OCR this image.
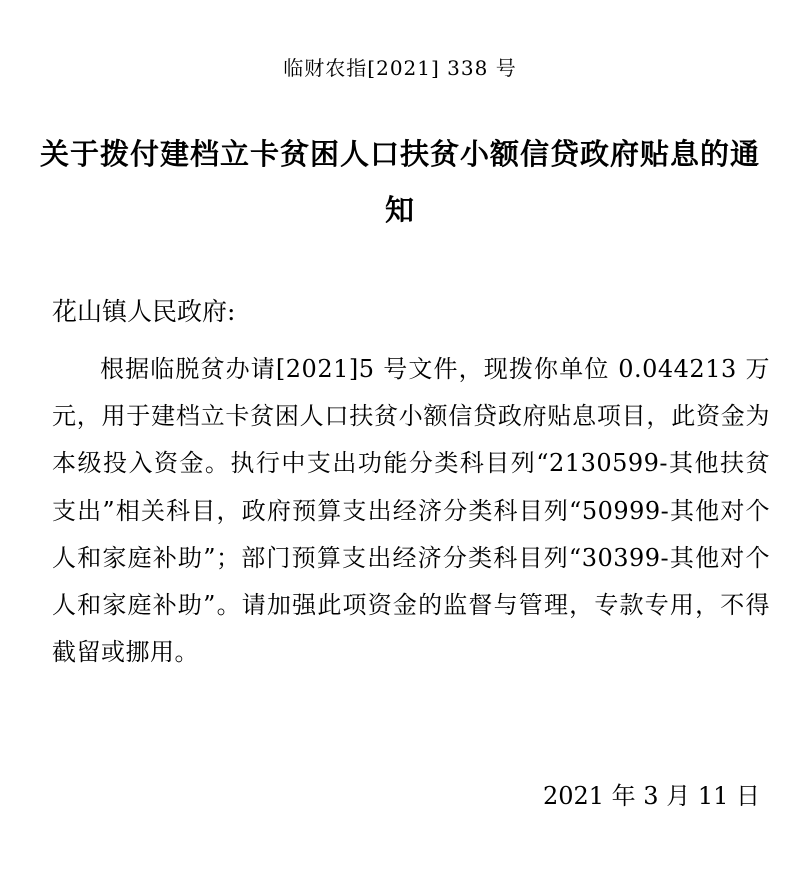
临财农指[2021] 338 号
关于拨付建档立卡贫困人口扶贫小额信贷政府贴息的通知
花山镇人民政府:

根据临脱贫办请[2021]5 号文件，现拨你单位 0.044213 万元，用于建档立卡贫困人口扶贫小额信贷政府贴息项目，此资金为本级投入资金。执行中支出功能分类科目列“2130599-其他扶贫支出”相关科目，政府预算支出经济分类科目列“50999-其他对个人和家庭补助”；部门预算支出经济分类科目列“30399-其他对个人和家庭补助”。请加强此项资金的监督与管理，专款专用，不得截留或挪用。

2021 年 3 月 11 日
